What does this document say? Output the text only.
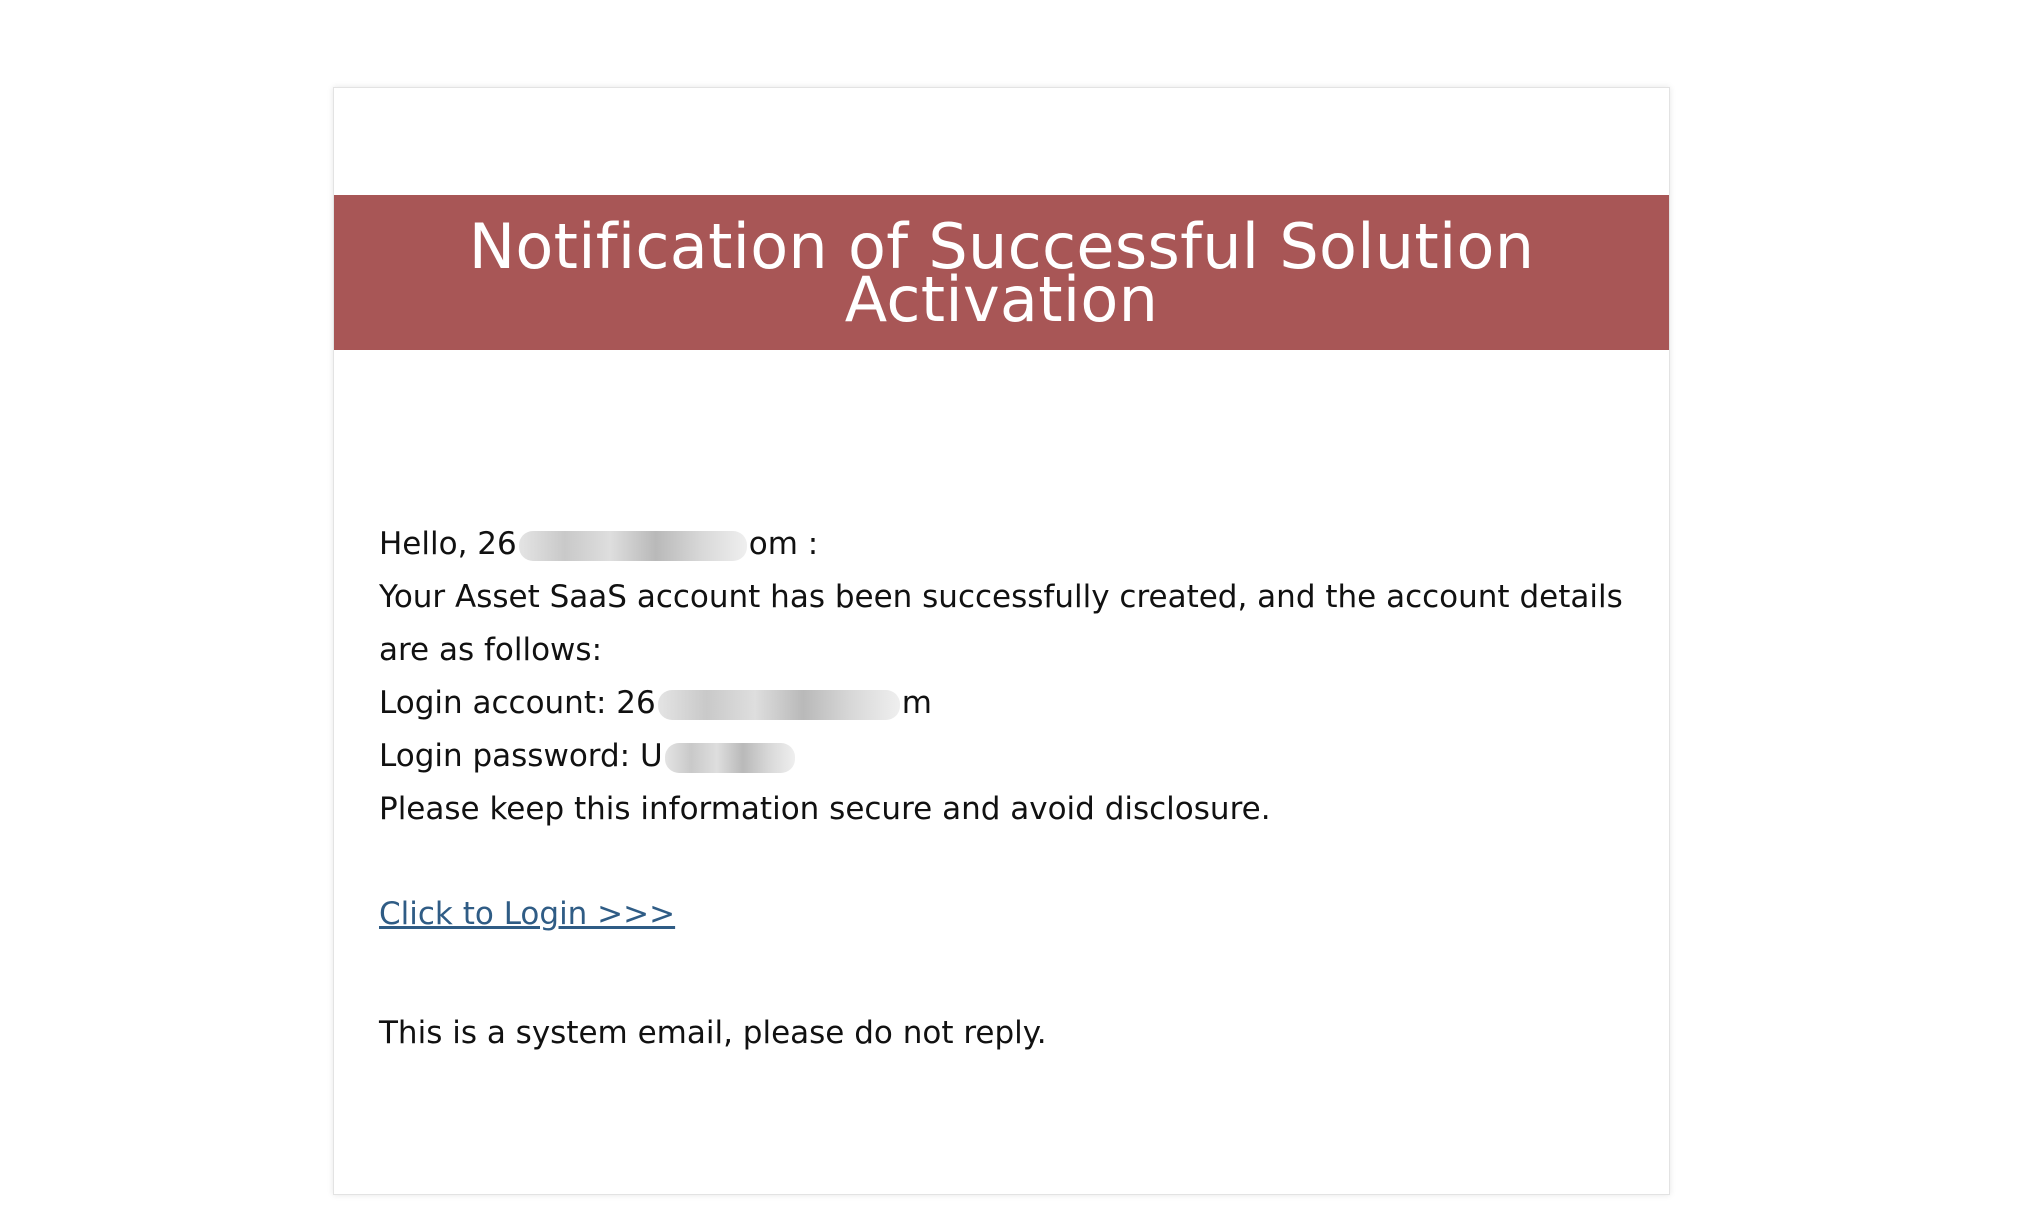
Notification of Successful Solution Activation
Hello, 26	om :
Your Asset SaaS account has been successfully created, and the account details are as follows:
Login account: 26	m
Login password: U
Please keep this information secure and avoid disclosure.
Click to Login >>>
This is a system email, please do not reply.
